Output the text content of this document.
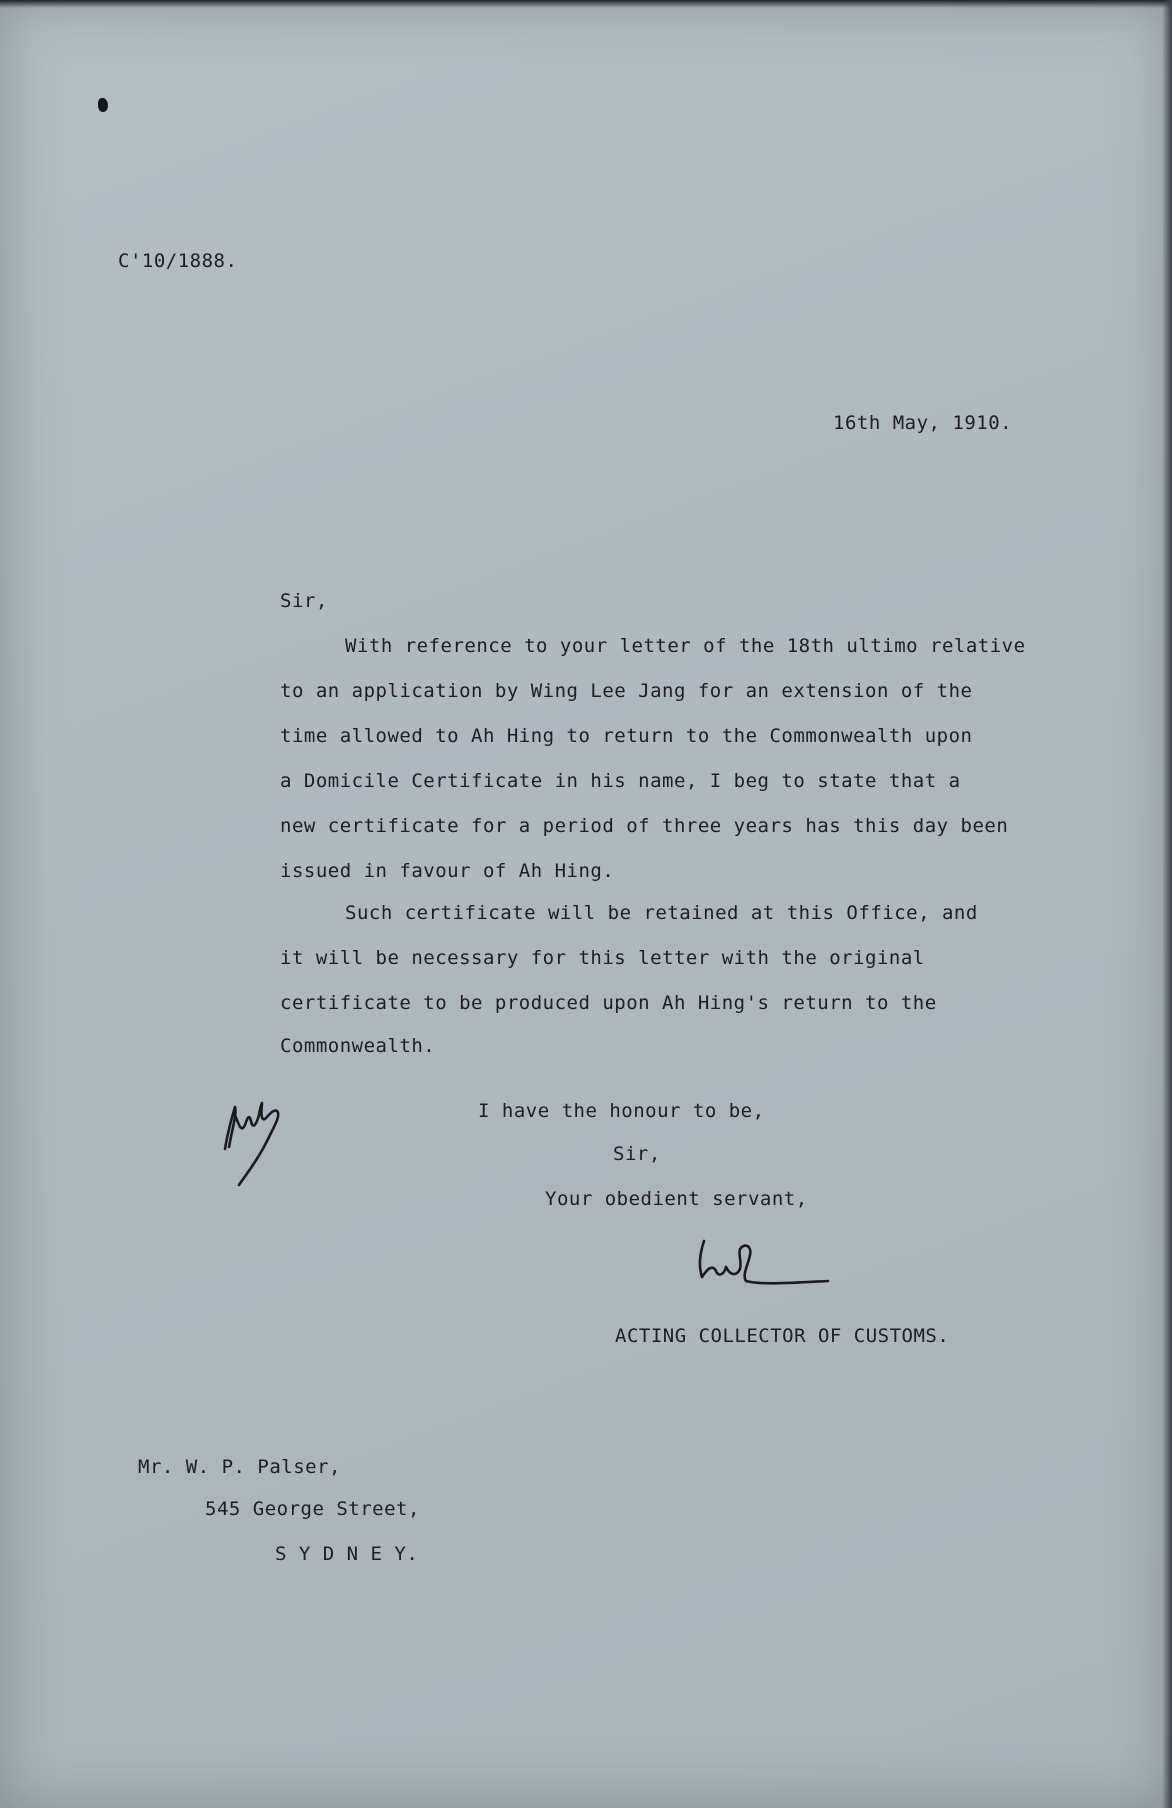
C'10/1888.

16th May, 1910.

Sir,

With reference to your letter of the 18th ultimo relative

to an application by Wing Lee Jang for an extension of the

time allowed to Ah Hing to return to the Commonwealth upon

a Domicile Certificate in his name, I beg to state that a

new certificate for a period of three years has this day been

issued in favour of Ah Hing.

Such certificate will be retained at this Office, and

it will be necessary for this letter with the original

certificate to be produced upon Ah Hing's return to the

Commonwealth.

I have the honour to be,

Sir,

Your obedient servant,

ACTING COLLECTOR OF CUSTOMS.

Mr. W. P. Palser,

545 George Street,

S Y D N E Y.
